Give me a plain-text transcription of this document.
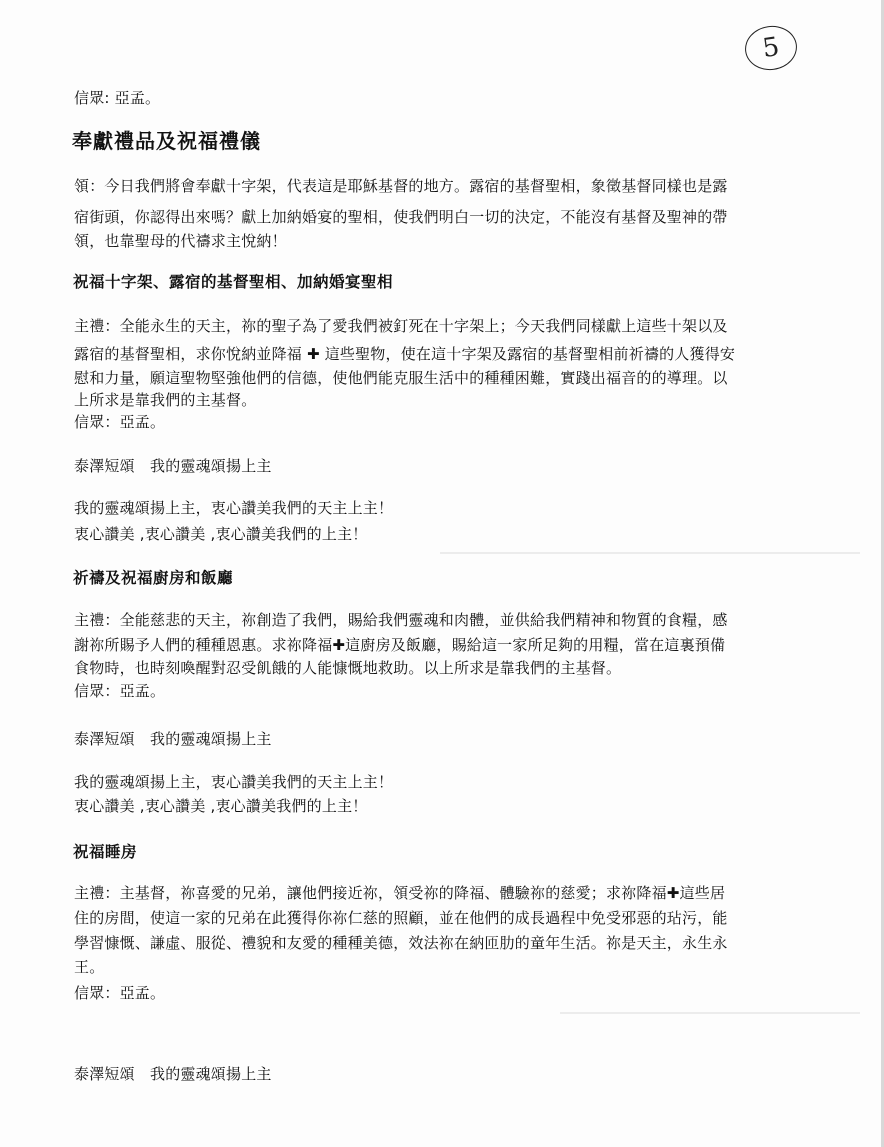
5
信眾: 亞孟。
奉獻禮品及祝福禮儀
領：今日我們將會奉獻十字架，代表這是耶穌基督的地方。露宿的基督聖相，象徵基督同樣也是露
宿街頭，你認得出來嗎？獻上加納婚宴的聖相，使我們明白一切的決定，不能沒有基督及聖神的帶
領，也靠聖母的代禱求主悅納！
祝福十字架、露宿的基督聖相、加納婚宴聖相
主禮：全能永生的天主，祢的聖子為了愛我們被釘死在十字架上；今天我們同樣獻上這些十架以及
露宿的基督聖相，求你悅納並降福 ✚ 這些聖物，使在這十字架及露宿的基督聖相前祈禱的人獲得安
慰和力量，願這聖物堅強他們的信德，使他們能克服生活中的種種困難，實踐出福音的的導理。以
上所求是靠我們的主基督。
信眾：亞孟。
泰澤短頌　我的靈魂頌揚上主
我的靈魂頌揚上主，衷心讚美我們的天主上主！
衷心讚美 ,衷心讚美 ,衷心讚美我們的上主！
祈禱及祝福廚房和飯廳
主禮：全能慈悲的天主，祢創造了我們，賜給我們靈魂和肉體，並供給我們精神和物質的食糧，感
謝祢所賜予人們的種種恩惠。求祢降福✚這廚房及飯廳，賜給這一家所足夠的用糧，當在這裏預備
食物時，也時刻喚醒對忍受飢餓的人能慷慨地救助。以上所求是靠我們的主基督。
信眾：亞孟。
泰澤短頌　我的靈魂頌揚上主
我的靈魂頌揚上主，衷心讚美我們的天主上主！
衷心讚美 ,衷心讚美 ,衷心讚美我們的上主！
祝福睡房
主禮：主基督，祢喜愛的兄弟，讓他們接近祢，領受祢的降福、體驗祢的慈愛；求祢降福✚這些居
住的房間，使這一家的兄弟在此獲得你祢仁慈的照顧，並在他們的成長過程中免受邪惡的玷污，能
學習慷慨、謙虛、服從、禮貌和友愛的種種美德，效法祢在納匝肋的童年生活。祢是天主，永生永
王。
信眾：亞孟。
泰澤短頌　我的靈魂頌揚上主
